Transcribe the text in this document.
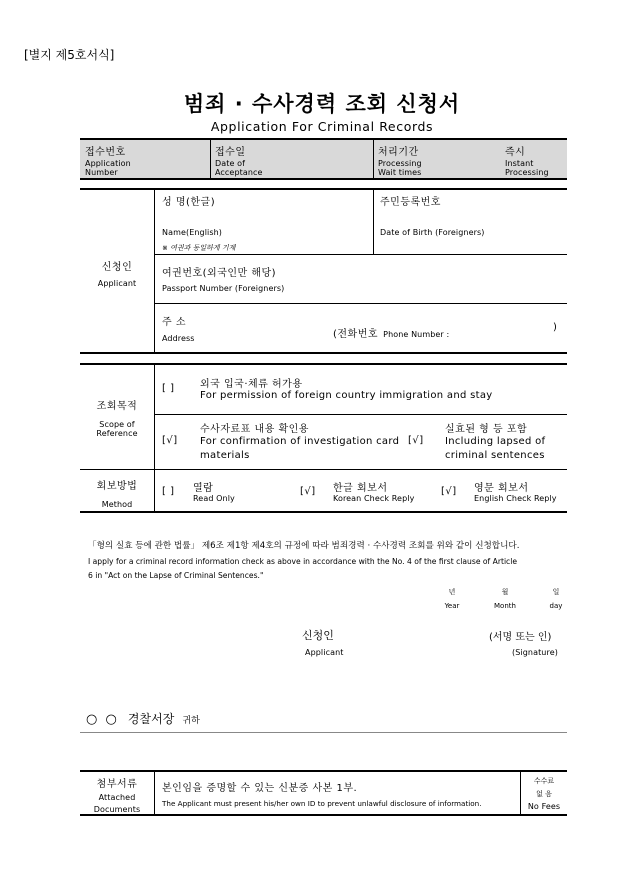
[별지 제5호서식]
범죄 · 수사경력 조회 신청서
Application For Criminal Records
접수번호
Application
Number
접수일
Date of
Acceptance
처리기간
Processing
Wait times
즉시
Instant
Processing
신청인
Applicant
성 명(한글)
Name(English)
※ 여권과 동일하게 기재
주민등록번호
Date of Birth (Foreigners)
여권번호(외국인만 해당)
Passport Number (Foreigners)
주 소
Address	(전화번호 Phone Number :
)
조회목적
Scope of
Reference
[ ]	외국 입국·체류 허가용
For permission of foreign country immigration and stay
[√]
수사자료표 내용 확인용
For confirmation of investigation card
materials
[√]
실효된 형 등 포함
Including lapsed of
criminal sentences
회보방법
Method
[ ] 열람
Read Only
[√] 한글 회보서
Korean Check Reply
[√] 영문 회보서
English Check Reply
「형의 실효 등에 관한 법률」 제6조 제1항 제4호의 규정에 따라 범죄경력 · 수사경력 조회를 위와 같이 신청합니다.
I apply for a criminal record information check as above in accordance with the No. 4 of the first clause of Article
6 in "Act on the Lapse of Criminal Sentences."
년
Year
월
Month
일
day
신청인
Applicant
(서명 또는 인)
(Signature)
○ ○ 경찰서장 귀하
첨부서류
Attached
Documents
본인임을 증명할 수 있는 신분증 사본 1부.
The Applicant must present his/her own ID to prevent unlawful disclosure of information.
수수료
없 음
No Fees
